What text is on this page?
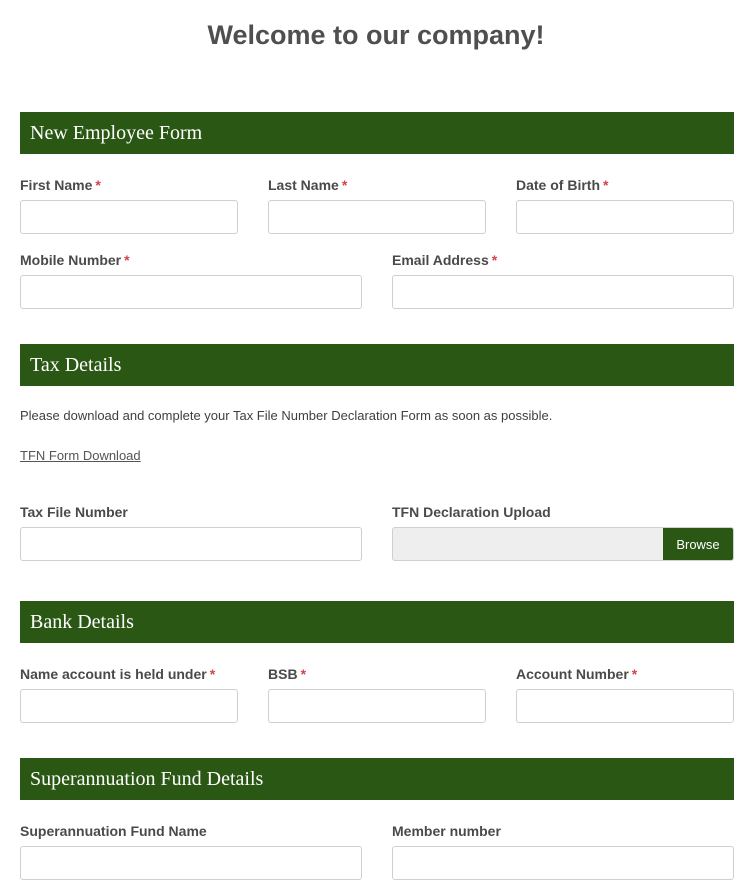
Welcome to our company!
New Employee Form
First Name *	Last Name *	Date of Birth *
Mobile Number *	Email Address *
Tax Details
Please download and complete your Tax File Number Declaration Form as soon as possible.
TFN Form Download
Tax File Number	TFN Declaration Upload
Browse
Bank Details
Name account is held under *	BSB *	Account Number *
Superannuation Fund Details
Superannuation Fund Name	Member number
